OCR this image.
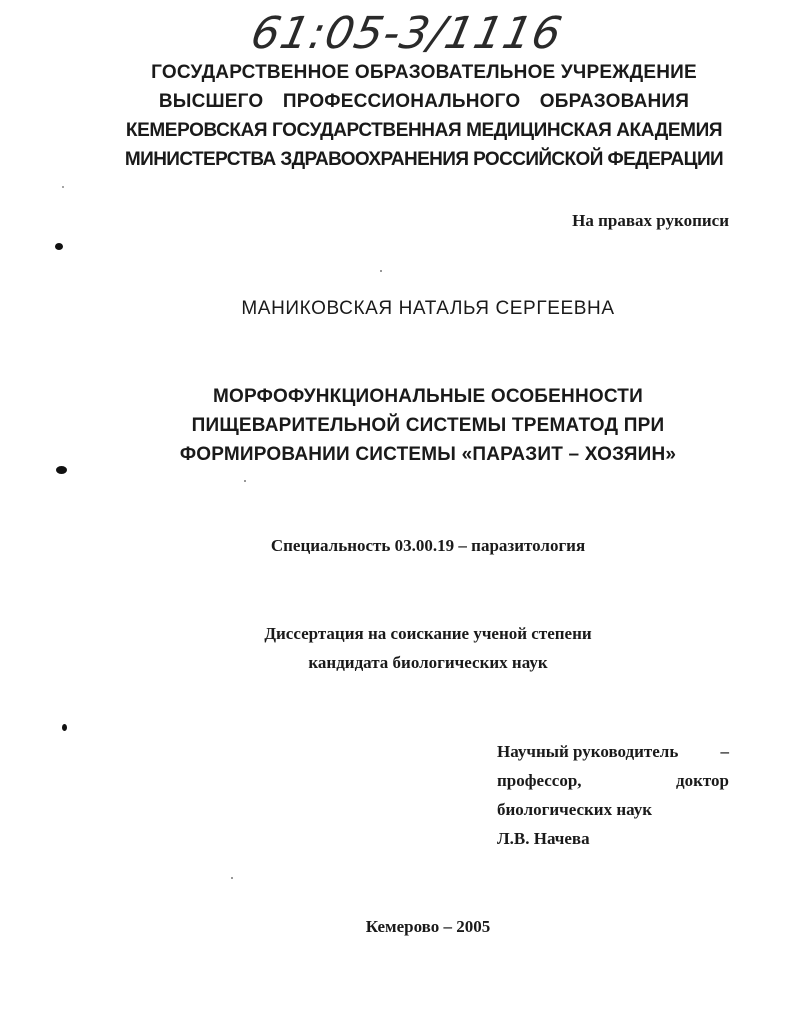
61:05-3/1116
ГОСУДАРСТВЕННОЕ ОБРАЗОВАТЕЛЬНОЕ УЧРЕЖДЕНИЕ
ВЫСШЕГО ПРОФЕССИОНАЛЬНОГО ОБРАЗОВАНИЯ
КЕМЕРОВСКАЯ ГОСУДАРСТВЕННАЯ МЕДИЦИНСКАЯ АКАДЕМИЯ
МИНИСТЕРСТВА ЗДРАВООХРАНЕНИЯ РОССИЙСКОЙ ФЕДЕРАЦИИ
На правах рукописи
МАНИКОВСКАЯ НАТАЛЬЯ СЕРГЕЕВНА
МОРФОФУНКЦИОНАЛЬНЫЕ ОСОБЕННОСТИ
ПИЩЕВАРИТЕЛЬНОЙ СИСТЕМЫ ТРЕМАТОД ПРИ
ФОРМИРОВАНИИ СИСТЕМЫ «ПАРАЗИТ – ХОЗЯИН»
Специальность 03.00.19 – паразитология
Диссертация на соискание ученой степени
кандидата биологических наук
Научный руководитель –
профессор,	доктор
биологических наук
Л.В. Начева
Кемерово – 2005
